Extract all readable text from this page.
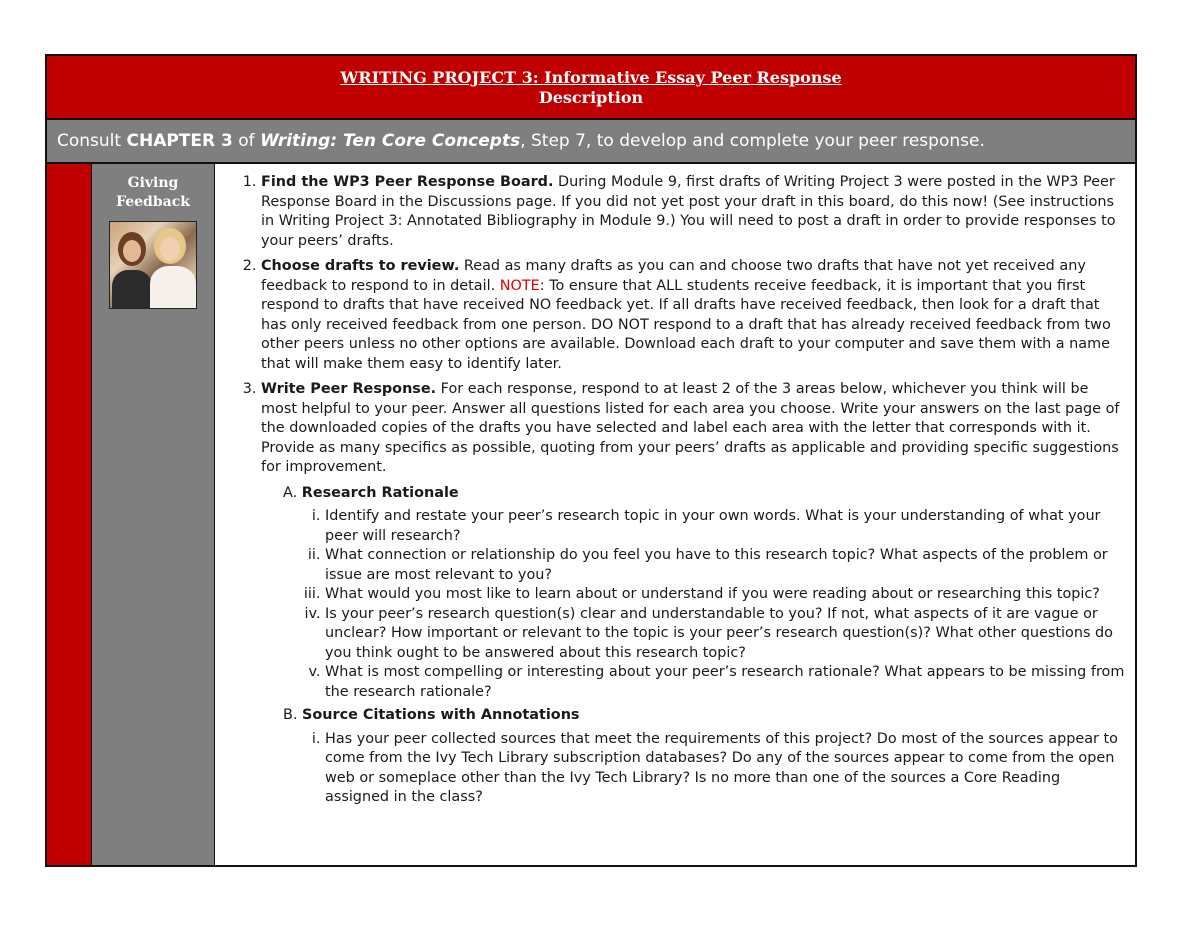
WRITING PROJECT 3: Informative Essay Peer Response
Description
Consult CHAPTER 3 of Writing: Ten Core Concepts, Step 7, to develop and complete your peer response.
Giving
Feedback
1. Find the WP3 Peer Response Board. During Module 9, first drafts of Writing Project 3 were posted in the WP3 Peer Response Board in the Discussions page. If you did not yet post your draft in this board, do this now! (See instructions in Writing Project 3: Annotated Bibliography in Module 9.) You will need to post a draft in order to provide responses to your peers’ drafts.
2. Choose drafts to review. Read as many drafts as you can and choose two drafts that have not yet received any feedback to respond to in detail. NOTE: To ensure that ALL students receive feedback, it is important that you first respond to drafts that have received NO feedback yet. If all drafts have received feedback, then look for a draft that has only received feedback from one person. DO NOT respond to a draft that has already received feedback from two other peers unless no other options are available. Download each draft to your computer and save them with a name that will make them easy to identify later.
3. Write Peer Response. For each response, respond to at least 2 of the 3 areas below, whichever you think will be most helpful to your peer. Answer all questions listed for each area you choose. Write your answers on the last page of the downloaded copies of the drafts you have selected and label each area with the letter that corresponds with it. Provide as many specifics as possible, quoting from your peers’ drafts as applicable and providing specific suggestions for improvement.
A. Research Rationale
i. Identify and restate your peer’s research topic in your own words. What is your understanding of what your peer will research?
ii. What connection or relationship do you feel you have to this research topic? What aspects of the problem or issue are most relevant to you?
iii. What would you most like to learn about or understand if you were reading about or researching this topic?
iv. Is your peer’s research question(s) clear and understandable to you? If not, what aspects of it are vague or unclear? How important or relevant to the topic is your peer’s research question(s)? What other questions do you think ought to be answered about this research topic?
v. What is most compelling or interesting about your peer’s research rationale? What appears to be missing from the research rationale?
B. Source Citations with Annotations
i. Has your peer collected sources that meet the requirements of this project? Do most of the sources appear to come from the Ivy Tech Library subscription databases? Do any of the sources appear to come from the open web or someplace other than the Ivy Tech Library? Is no more than one of the sources a Core Reading assigned in the class?
